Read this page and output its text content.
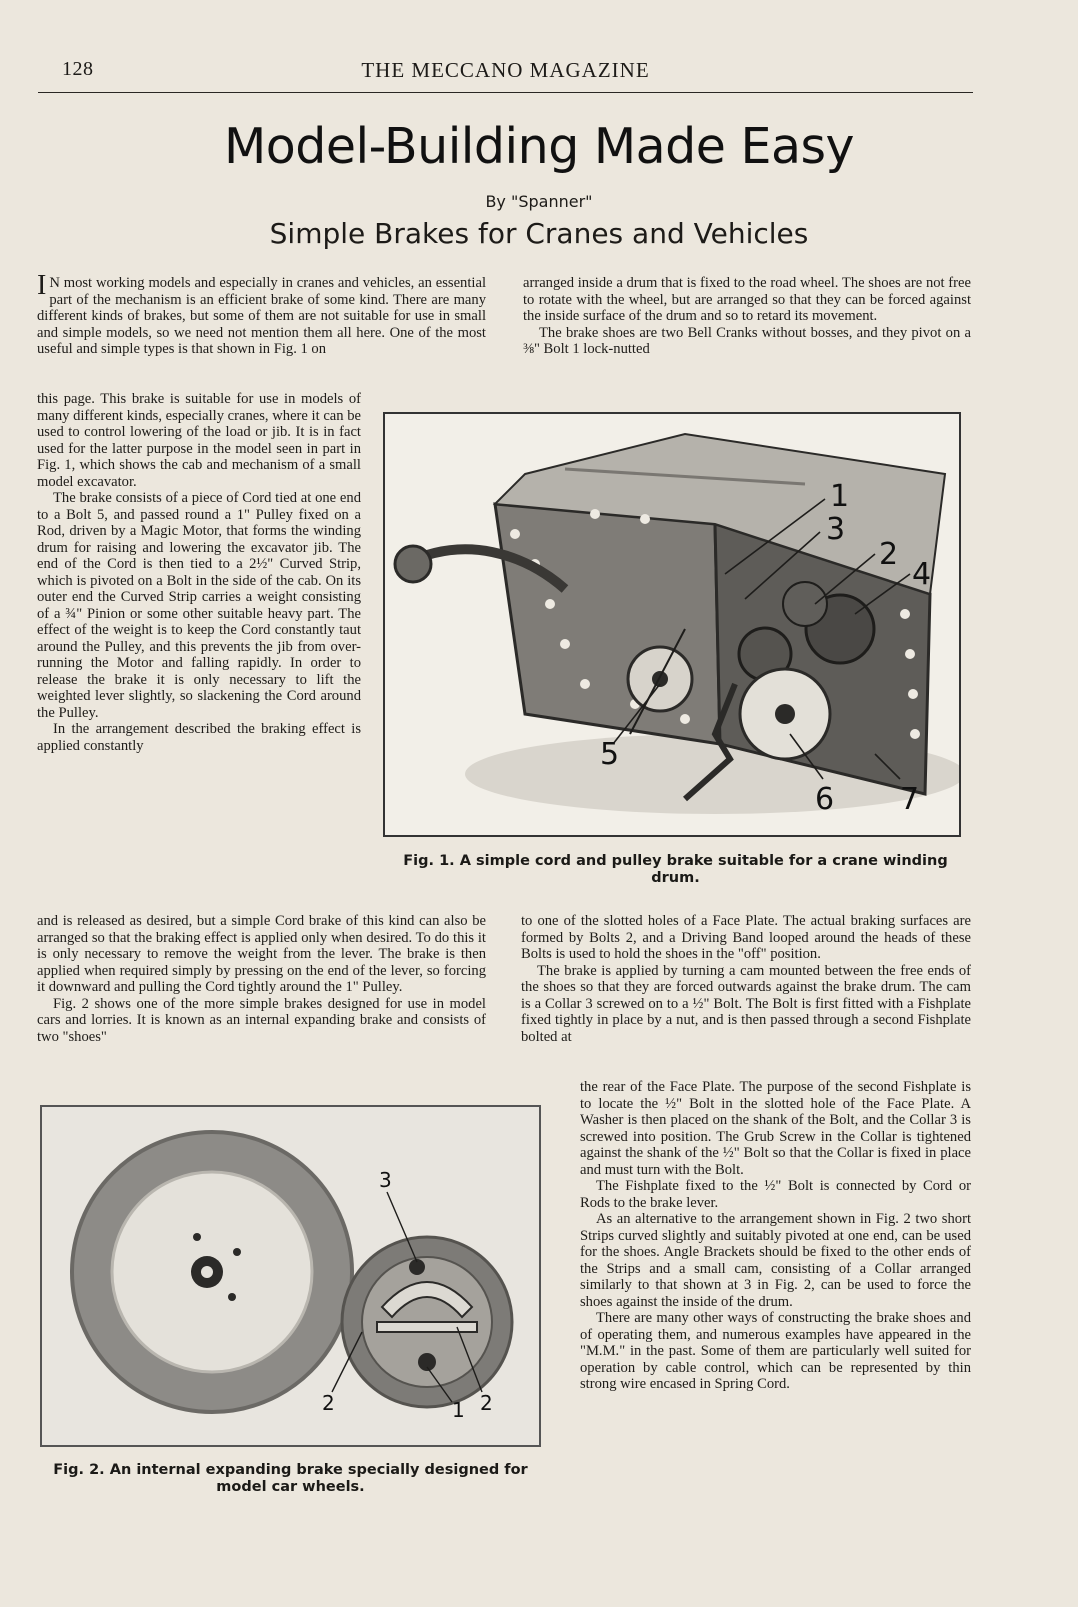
128	THE MECCANO MAGAZINE
Model-Building Made Easy
By "Spanner"
Simple Brakes for Cranes and Vehicles

I N most working models and especially in cranes and vehicles, an essential part of the mechanism is an efficient brake of some kind. There are many different kinds of brakes, but some of them are not suitable for use in small and simple models, so we need not mention them all here. One of the most useful and simple types is that shown in Fig. 1 on

this page. This brake is suitable for use in models of many different kinds, especially cranes, where it can be used to control lowering of the load or jib. It is in fact used for the latter purpose in the model seen in part in Fig. 1, which shows the cab and mechanism of a small model excavator.

The brake consists of a piece of Cord tied at one end to a Bolt 5, and passed round a 1" Pulley fixed on a Rod, driven by a Magic Motor, that forms the winding drum for raising and lowering the excavator jib. The end of the Cord is then tied to a 2½" Curved Strip, which is pivoted on a Bolt in the side of the cab. On its outer end the Curved Strip carries a weight consisting of a ¾" Pinion or some other suitable heavy part. The effect of the weight is to keep the Cord constantly taut around the Pulley, and this prevents the jib from over-running the Motor and falling rapidly. In order to release the brake it is only necessary to lift the weighted lever slightly, so slackening the Cord around the Pulley.

In the arrangement described the braking effect is applied constantly

and is released as desired, but a simple Cord brake of this kind can also be arranged so that the braking effect is applied only when desired. To do this it is only necessary to remove the weight from the lever. The brake is then applied when required simply by pressing on the end of the lever, so forcing it downward and pulling the Cord tightly around the 1" Pulley.

Fig. 2 shows one of the more simple brakes designed for use in model cars and lorries. It is known as an internal expanding brake and consists of two "shoes"

arranged inside a drum that is fixed to the road wheel. The shoes are not free to rotate with the wheel, but are arranged so that they can be forced against the inside surface of the drum and so to retard its movement.

The brake shoes are two Bell Cranks without bosses, and they pivot on a ⅜" Bolt 1 lock-nutted

to one of the slotted holes of a Face Plate. The actual braking surfaces are formed by Bolts 2, and a Driving Band looped around the heads of these Bolts is used to hold the shoes in the "off" position.

The brake is applied by turning a cam mounted between the free ends of the shoes so that they are forced outwards against the brake drum. The cam is a Collar 3 screwed on to a ½" Bolt. The Bolt is first fitted with a Fishplate fixed tightly in place by a nut, and is then passed through a second Fishplate bolted at

the rear of the Face Plate. The purpose of the second Fishplate is to locate the ½" Bolt in the slotted hole of the Face Plate. A Washer is then placed on the shank of the Bolt, and the Collar 3 is screwed into position. The Grub Screw in the Collar is tightened against the shank of the ½" Bolt so that the Collar is fixed in place and must turn with the Bolt.

The Fishplate fixed to the ½" Bolt is connected by Cord or Rods to the brake lever.

As an alternative to the arrangement shown in Fig. 2 two short Strips curved slightly and suitably pivoted at one end, can be used for the shoes. Angle Brackets should be fixed to the other ends of the Strips and a small cam, consisting of a Collar arranged similarly to that shown at 3 in Fig. 2, can be used to force the shoes against the inside of the drum.

There are many other ways of constructing the brake shoes and of operating them, and numerous examples have appeared in the "M.M." in the past. Some of them are particularly well suited for operation by cable control, which can be represented by thin strong wire encased in Spring Cord.

1
3
2
4
5
6 7

Fig. 1. A simple cord and pulley brake suitable for a crane winding drum.

3
2	2
1

Fig. 2. An internal expanding brake specially designed for model car wheels.
